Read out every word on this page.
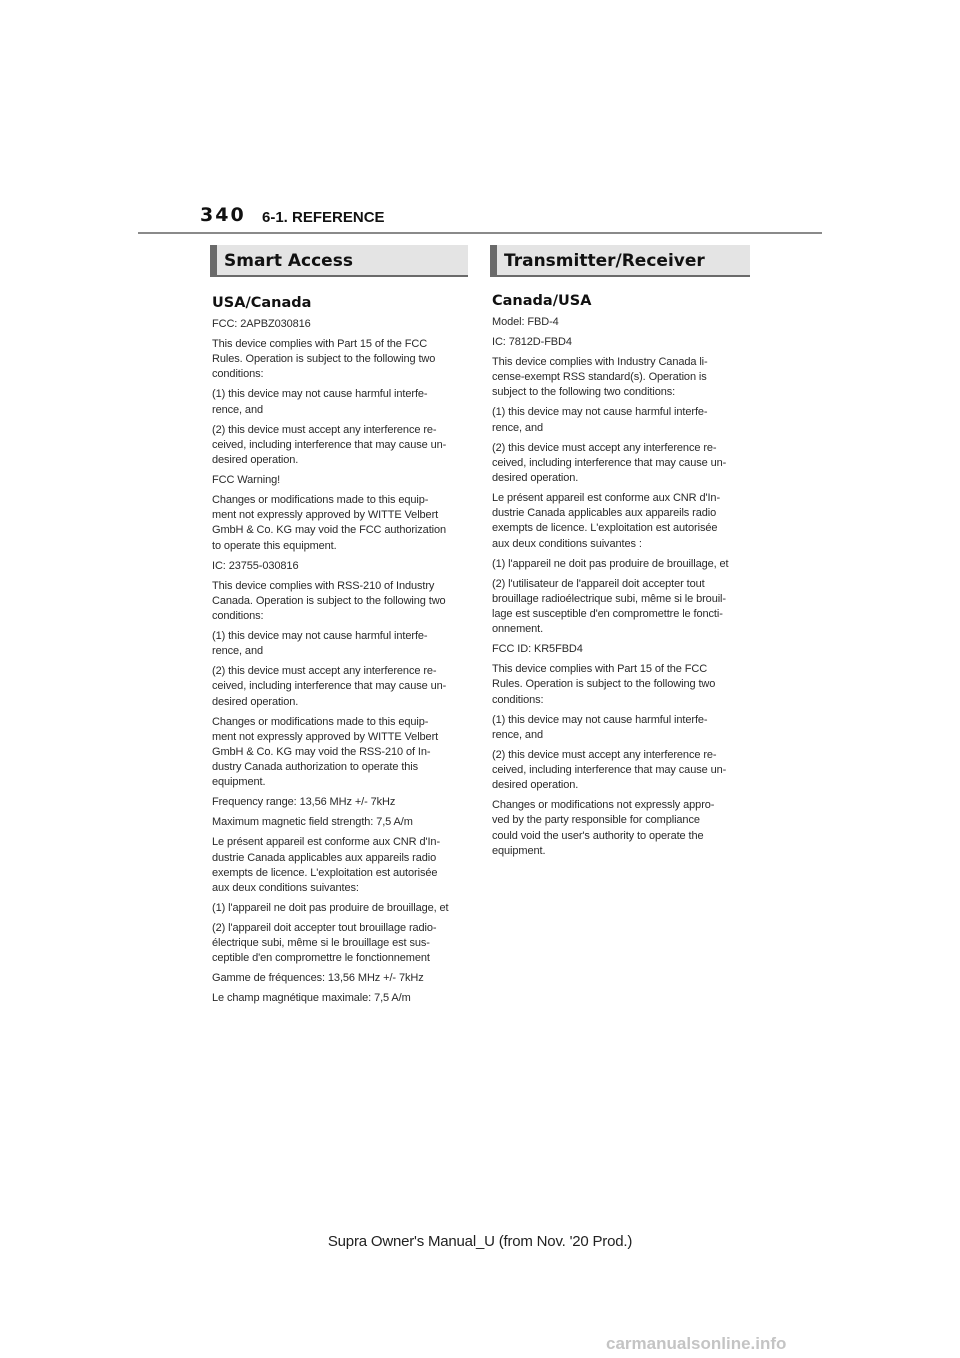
340 6-1. REFERENCE
Smart Access
USA/Canada
FCC: 2APBZ030816
This device complies with Part 15 of the FCC
Rules. Operation is subject to the following two
conditions:
(1) this device may not cause harmful interfe-
rence, and
(2) this device must accept any interference re-
ceived, including interference that may cause un-
desired operation.
FCC Warning!
Changes or modifications made to this equip-
ment not expressly approved by WITTE Velbert
GmbH & Co. KG may void the FCC authorization
to operate this equipment.
IC: 23755-030816
This device complies with RSS-210 of Industry
Canada. Operation is subject to the following two
conditions:
(1) this device may not cause harmful interfe-
rence, and
(2) this device must accept any interference re-
ceived, including interference that may cause un-
desired operation.
Changes or modifications made to this equip-
ment not expressly approved by WITTE Velbert
GmbH & Co. KG may void the RSS-210 of In-
dustry Canada authorization to operate this
equipment.
Frequency range: 13,56 MHz +/- 7kHz
Maximum magnetic field strength: 7,5 A/m
Le présent appareil est conforme aux CNR d'In-
dustrie Canada applicables aux appareils radio
exempts de licence. L'exploitation est autorisée
aux deux conditions suivantes:
(1) l'appareil ne doit pas produire de brouillage, et
(2) l'appareil doit accepter tout brouillage radio-
électrique subi, même si le brouillage est sus-
ceptible d'en compromettre le fonctionnement
Gamme de fréquences: 13,56 MHz +/- 7kHz
Le champ magnétique maximale: 7,5 A/m
Transmitter/Receiver
Canada/USA
Model: FBD-4
IC: 7812D-FBD4
This device complies with Industry Canada li-
cense-exempt RSS standard(s). Operation is
subject to the following two conditions:
(1) this device may not cause harmful interfe-
rence, and
(2) this device must accept any interference re-
ceived, including interference that may cause un-
desired operation.
Le présent appareil est conforme aux CNR d'In-
dustrie Canada applicables aux appareils radio
exempts de licence. L'exploitation est autorisée
aux deux conditions suivantes :
(1) l'appareil ne doit pas produire de brouillage, et
(2) l'utilisateur de l'appareil doit accepter tout
brouillage radioélectrique subi, même si le brouil-
lage est susceptible d'en compromettre le foncti-
onnement.
FCC ID: KR5FBD4
This device complies with Part 15 of the FCC
Rules. Operation is subject to the following two
conditions:
(1) this device may not cause harmful interfe-
rence, and
(2) this device must accept any interference re-
ceived, including interference that may cause un-
desired operation.
Changes or modifications not expressly appro-
ved by the party responsible for compliance
could void the user's authority to operate the
equipment.
Supra Owner's Manual_U (from Nov. '20 Prod.)
carmanualsonline.info
